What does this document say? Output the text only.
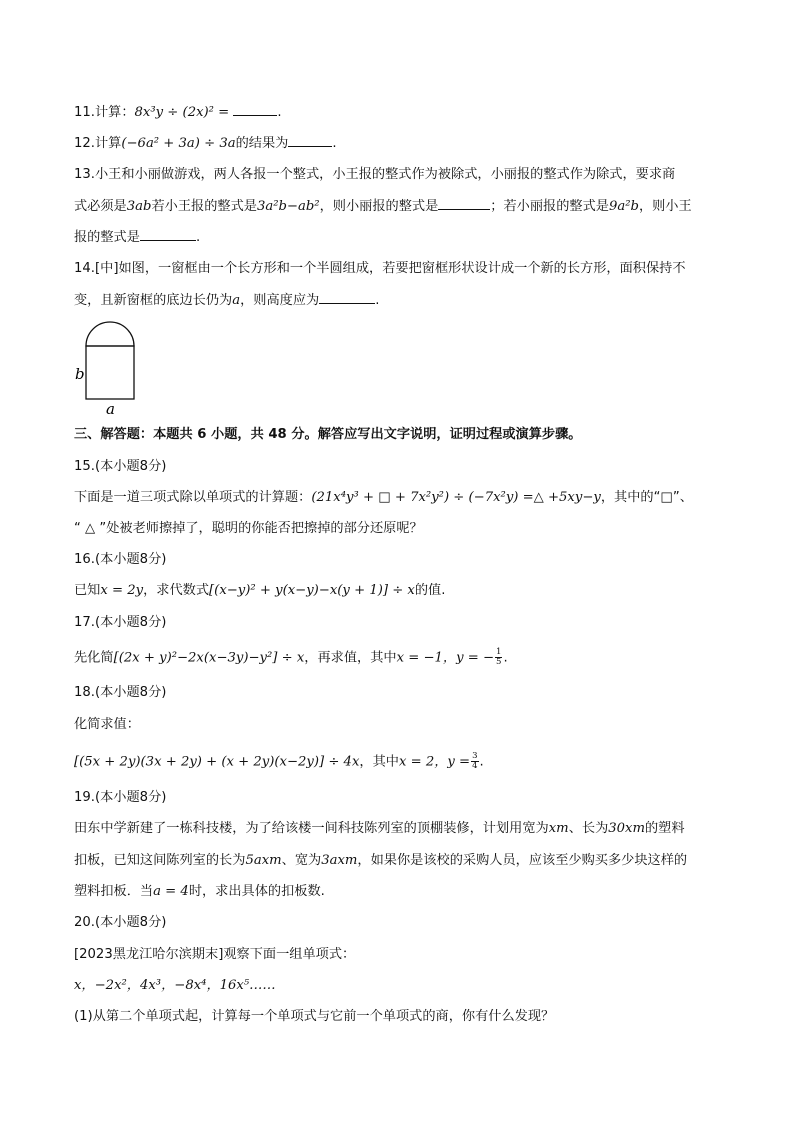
11.计算：8x³y ÷ (2x)² =	.
12.计算(−6a² + 3a) ÷ 3a的结果为	.
13.小王和小丽做游戏，两人各报一个整式，小王报的整式作为被除式，小丽报的整式作为除式，要求商
式必须是3ab若小王报的整式是3a²b−ab²，则小丽报的整式是	；若小丽报的整式是9a²b，则小王
报的整式是	.
14.[中]如图，一窗框由一个长方形和一个半圆组成，若要把窗框形状设计成一个新的长方形，面积保持不
变，且新窗框的底边长仍为a，则高度应为	.
b
a
三、解答题：本题共 6 小题，共 48 分。解答应写出文字说明，证明过程或演算步骤。
15.(本小题8分)
下面是一道三项式除以单项式的计算题：(21x⁴y³ + □ + 7x²y²) ÷ (−7x²y) =△ +5xy−y，其中的“□”、
“ △ ”处被老师擦掉了，聪明的你能否把擦掉的部分还原呢？
16.(本小题8分)
已知x = 2y，求代数式[(x−y)² + y(x−y)−x(y + 1)] ÷ x的值.
17.(本小题8分)
先化简[(2x + y)²−2x(x−3y)−y²] ÷ x，再求值，其中x = −1，y = − $\frac{1}{5}$ .
18.(本小题8分)
化简求值：
[(5x + 2y)(3x + 2y) + (x + 2y)(x−2y)] ÷ 4x，其中x = 2，$y = \frac{3}{4}$ .
19.(本小题8分)
田东中学新建了一栋科技楼，为了给该楼一间科技陈列室的顶棚装修，计划用宽为xm、长为30xm的塑料
扣板，已知这间陈列室的长为5axm、宽为3axm，如果你是该校的采购人员，应该至少购买多少块这样的
塑料扣板．当a = 4时，求出具体的扣板数.
20.(本小题8分)
[2023黑龙江哈尔滨期末]观察下面一组单项式：
x，−2x²，4x³，−8x⁴，16x⁵……
(1)从第二个单项式起，计算每一个单项式与它前一个单项式的商，你有什么发现？
